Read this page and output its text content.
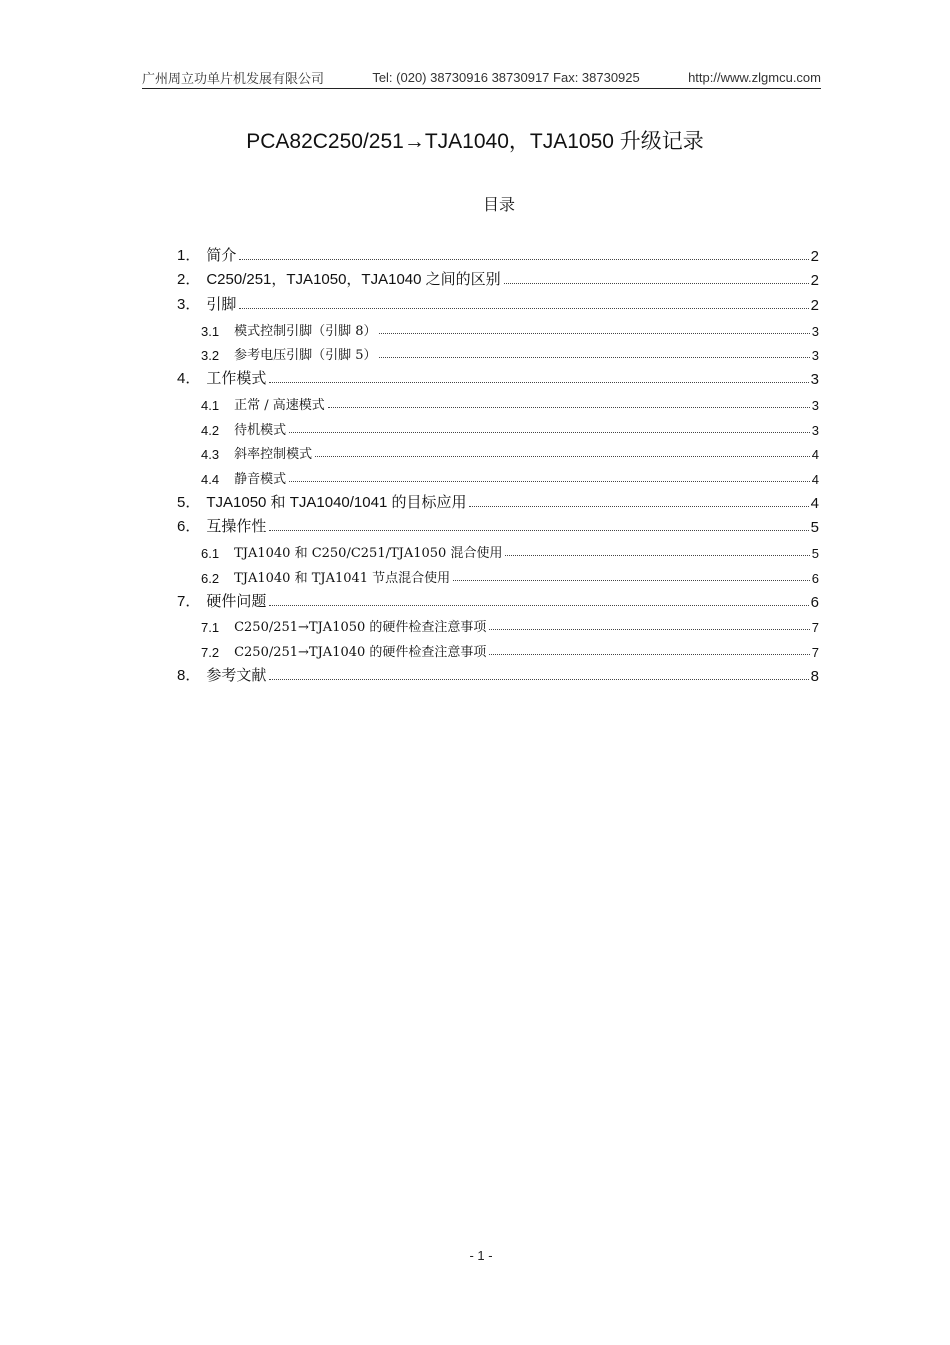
广州周立功单片机发展有限公司	Tel: (020) 38730916 38730917 Fax: 38730925	http://www.zlgmcu.com
PCA82C250/251→TJA1040，TJA1050 升级记录
目录
1． 简介	2
2． C250/251，TJA1050，TJA1040 之间的区别	2
3． 引脚	2
3.1 模式控制引脚（引脚 8）	3
3.2 参考电压引脚（引脚 5）	3
4． 工作模式	3
4.1 正常 / 高速模式	3
4.2 待机模式	3
4.3 斜率控制模式	4
4.4 静音模式	4
5． TJA1050 和 TJA1040/1041 的目标应用	4
6． 互操作性	5
6.1 TJA1040 和 C250/C251/TJA1050 混合使用	5
6.2 TJA1040 和 TJA1041 节点混合使用	6
7． 硬件问题	6
7.1 C250/251→TJA1050 的硬件检查注意事项	7
7.2 C250/251→TJA1040 的硬件检查注意事项	7
8． 参考文献	8
- 1 -
